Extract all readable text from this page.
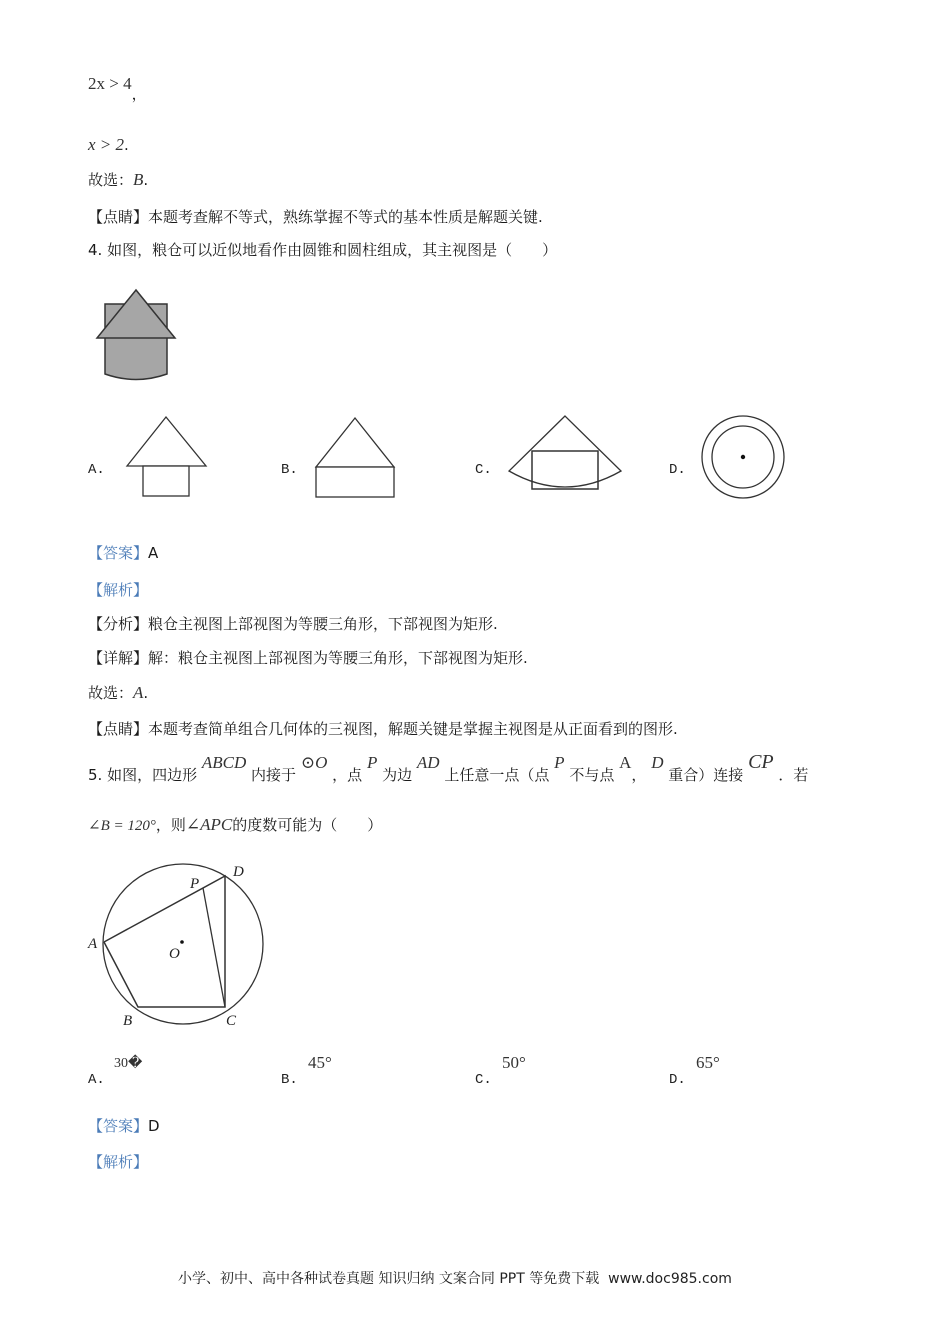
2x > 4，
x > 2.
故选：B.
【点睛】本题考查解不等式，熟练掌握不等式的基本性质是解题关键.
4. 如图，粮仓可以近似地看作由圆锥和圆柱组成，其主视图是（　　）
A.	B.	C.	D.
【答案】A
【解析】
【分析】粮仓主视图上部视图为等腰三角形，下部视图为矩形.
【详解】解：粮仓主视图上部视图为等腰三角形，下部视图为矩形.
故选：A.
【点睛】本题考查简单组合几何体的三视图，解题关键是掌握主视图是从正面看到的图形.
5. 如图，四边形 ABCD 内接于 ⊙O ，点 P 为边 AD 上任意一点（点 P 不与点 A， D 重合）连接 CP ．若
∠B = 120°，则∠APC的度数可能为（　　）
A
B	C
D
P
O
A.
30�
B.
45°
C.
50°
D.
65°
【答案】D
【解析】
小学、初中、高中各种试卷真题 知识归纳 文案合同 PPT 等免费下载 www.doc985.com
